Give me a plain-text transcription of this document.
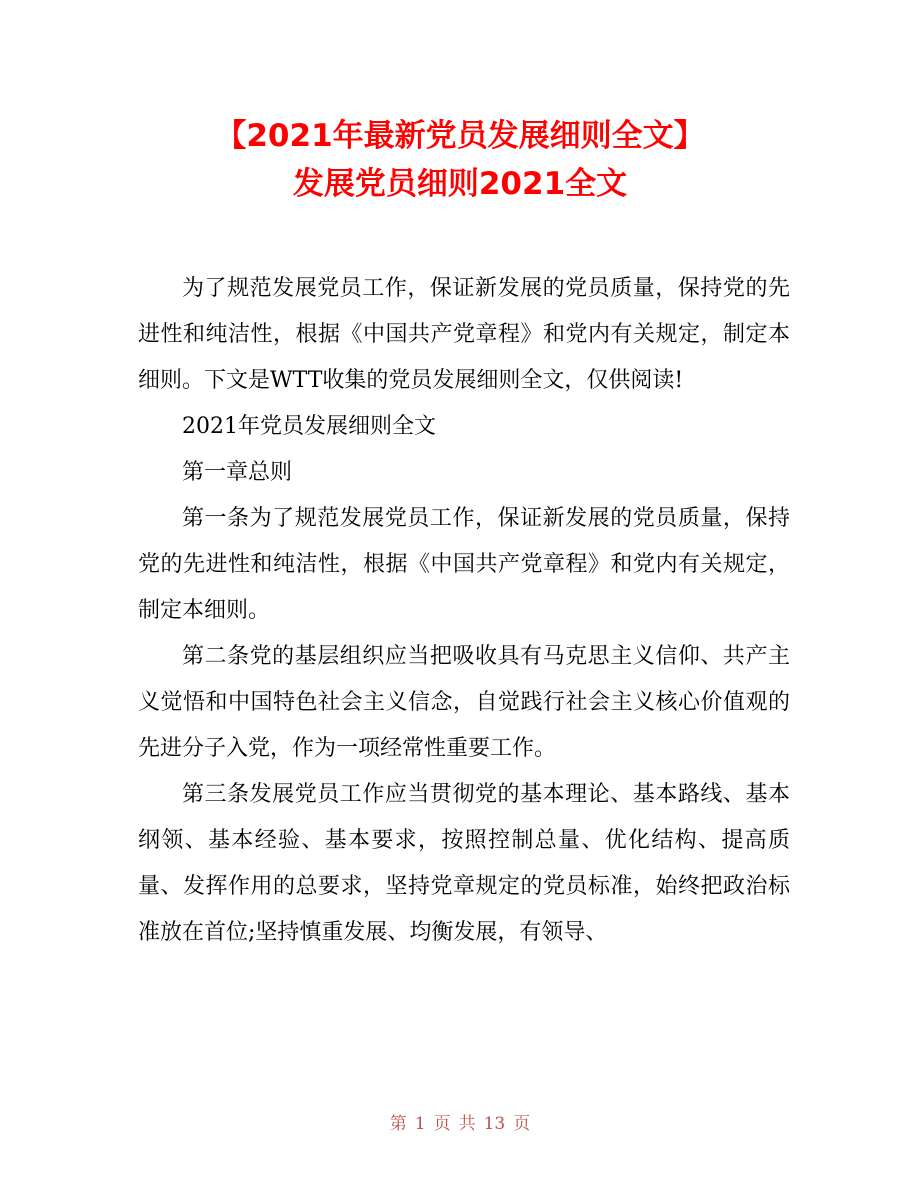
【2021年最新党员发展细则全文】
发展党员细则2021全文

为了规范发展党员工作，保证新发展的党员质量，保持党的先进性和纯洁性，根据《中国共产党章程》和党内有关规定，制定本细则。下文是WTT收集的党员发展细则全文，仅供阅读!

2021年党员发展细则全文

第一章总则

第一条为了规范发展党员工作，保证新发展的党员质量，保持党的先进性和纯洁性，根据《中国共产党章程》和党内有关规定，制定本细则。

第二条党的基层组织应当把吸收具有马克思主义信仰、共产主义觉悟和中国特色社会主义信念，自觉践行社会主义核心价值观的先进分子入党，作为一项经常性重要工作。

第三条发展党员工作应当贯彻党的基本理论、基本路线、基本纲领、基本经验、基本要求，按照控制总量、优化结构、提高质量、发挥作用的总要求，坚持党章规定的党员标准，始终把政治标准放在首位;坚持慎重发展、均衡发展，有领导、

第 1 页 共 13 页
